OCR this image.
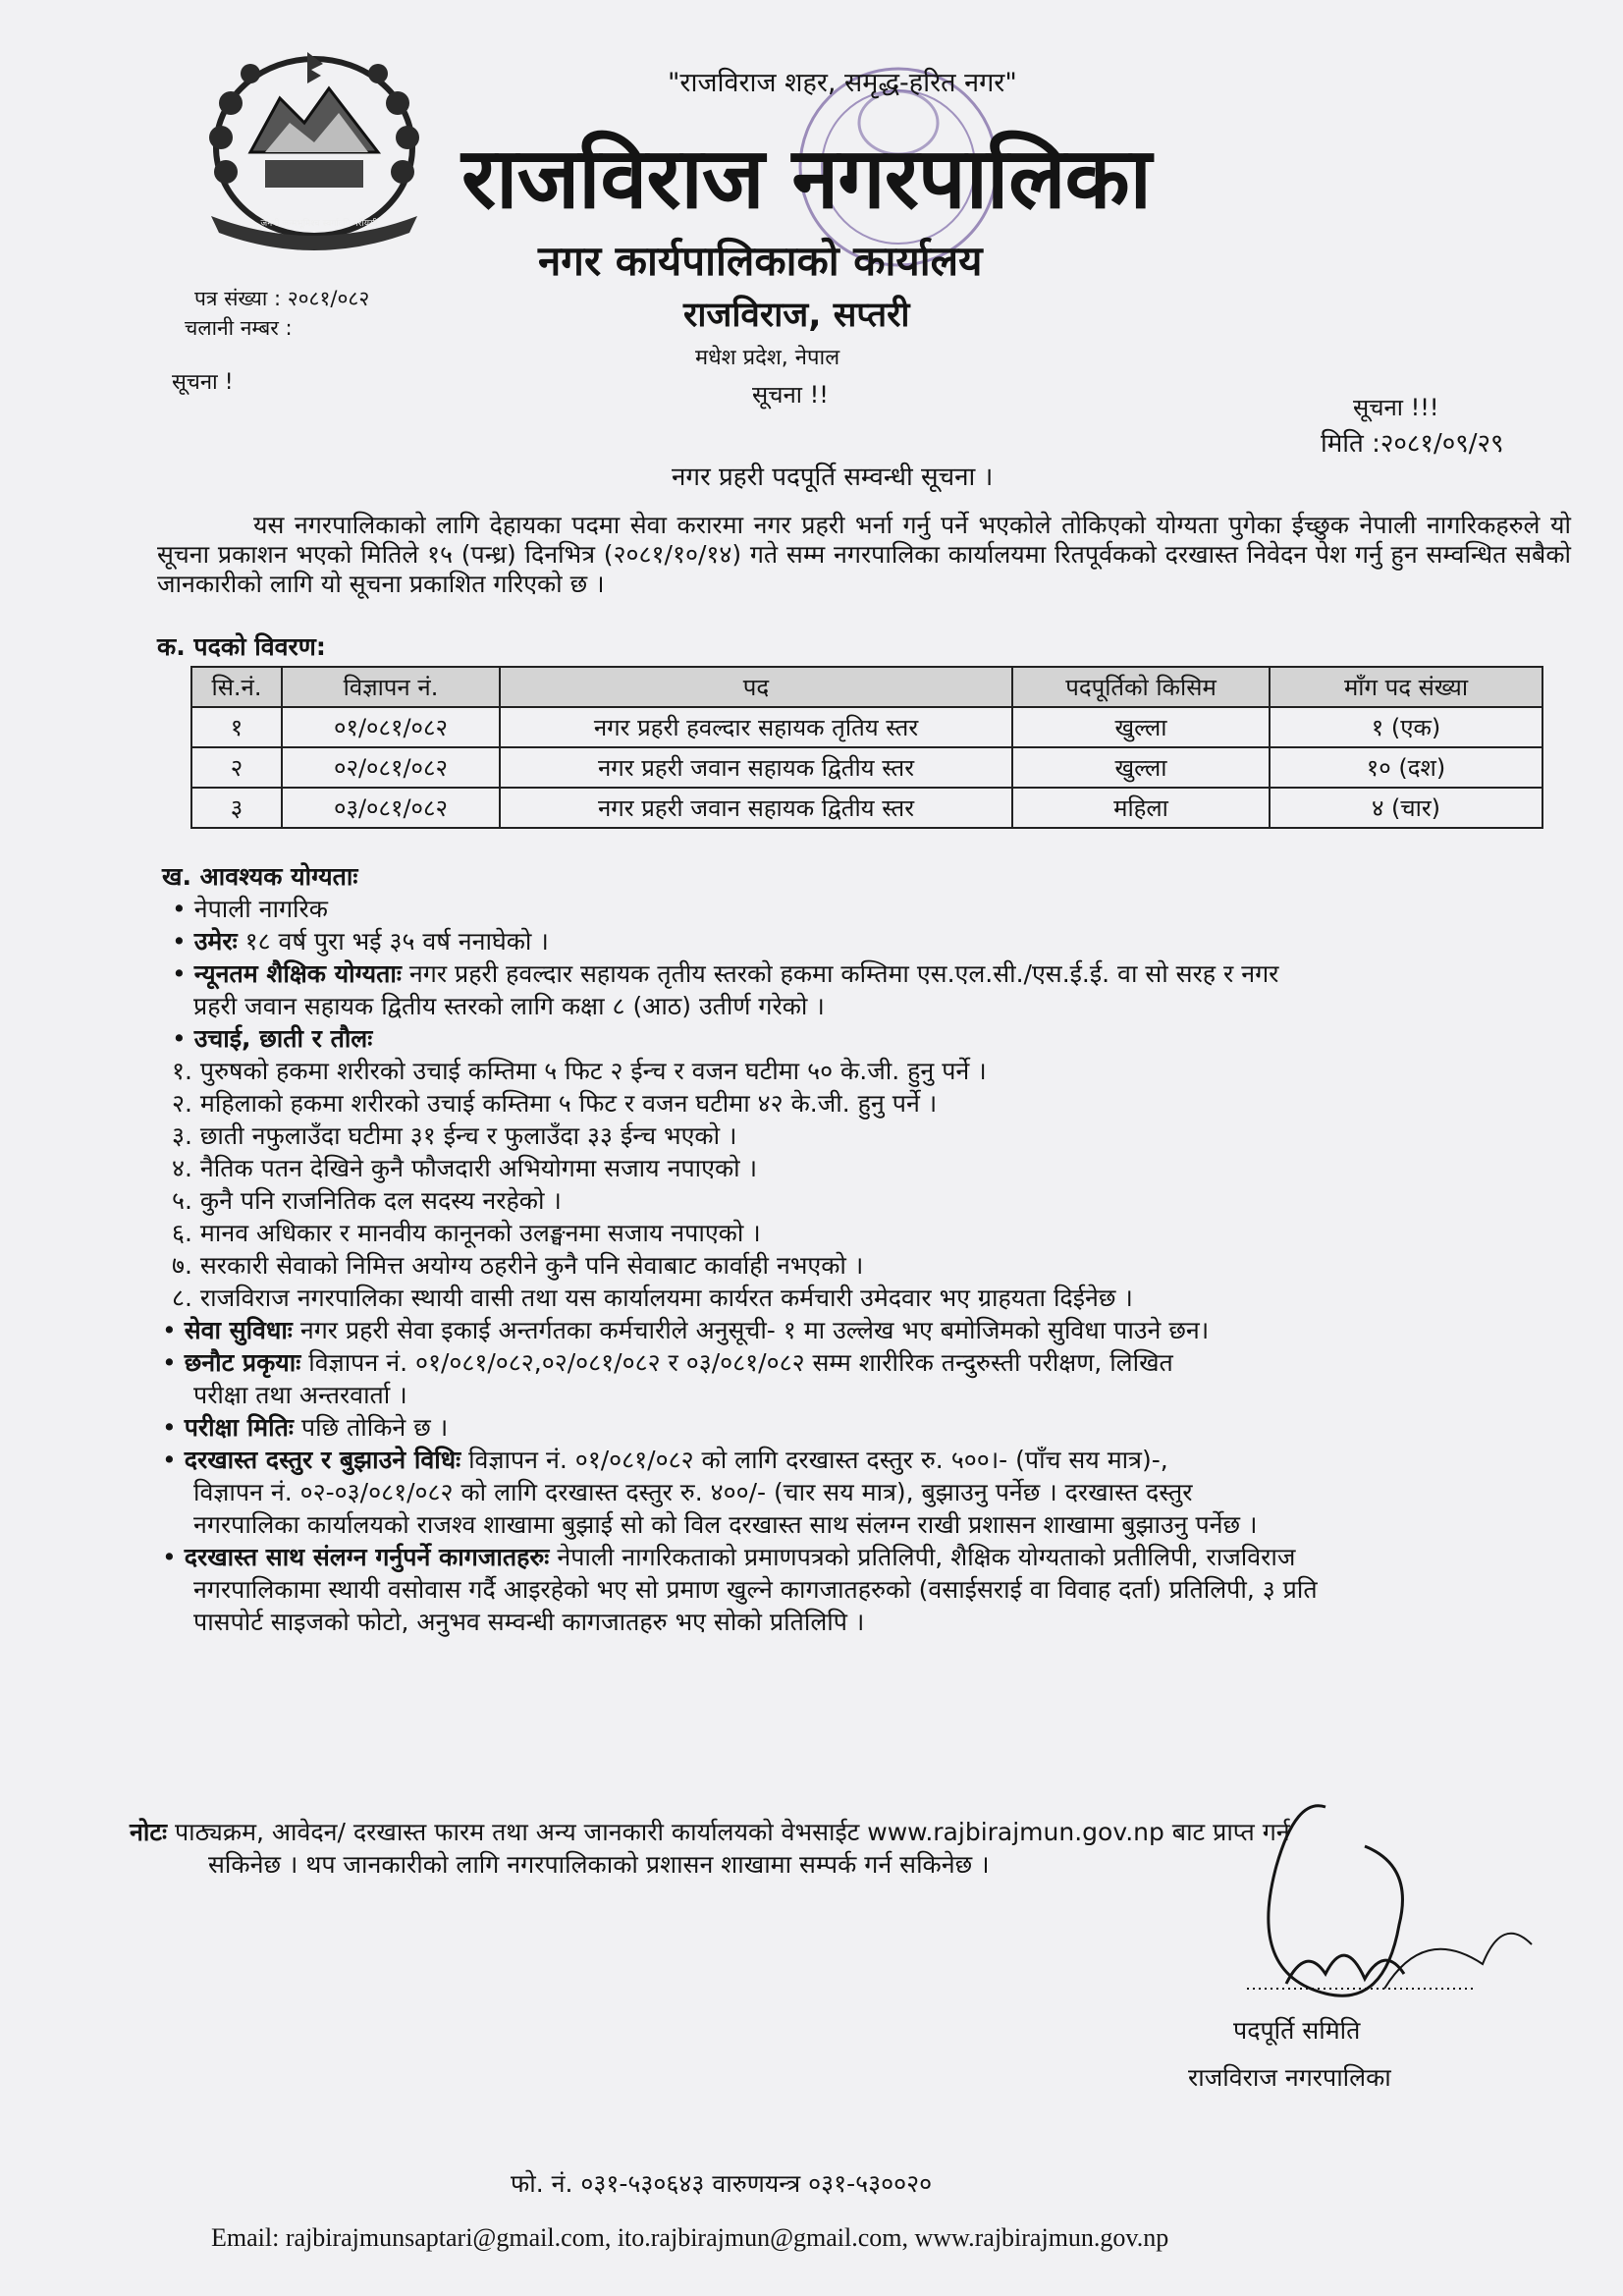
जननी जन्मभूमिश्च स्वर्गादपि गरीयसी
"राजविराज शहर, समृद्ध-हरित नगर"
राजविराज नगरपालिका
नगर कार्यपालिकाको कार्यालय
राजविराज, सप्तरी
मधेश प्रदेश, नेपाल
सूचना !!
पत्र संख्या : २०८१/०८२
चलानी नम्बर :
सूचना !
सूचना !!!
मिति :२०८१/०९/२९
नगर प्रहरी पदपूर्ति सम्वन्धी सूचना ।
यस नगरपालिकाको लागि देहायका पदमा सेवा करारमा नगर प्रहरी भर्ना गर्नु पर्ने भएकोले तोकिएको योग्यता पुगेका ईच्छुक नेपाली नागरिकहरुले यो सूचना प्रकाशन भएको मितिले १५ (पन्ध्र) दिनभित्र (२०८१/१०/१४) गते सम्म नगरपालिका कार्यालयमा रितपूर्वकको दरखास्त निवेदन पेश गर्नु हुन सम्वन्धित सबैको जानकारीको लागि यो सूचना प्रकाशित गरिएको छ ।
क. पदको विवरण:
सि.नं.	विज्ञापन नं.	पद	पदपूर्तिको किसिम	माँग पद संख्या
१	०१/०८१/०८२	नगर प्रहरी हवल्दार सहायक तृतिय स्तर	खुल्ला	१ (एक)
२	०२/०८१/०८२	नगर प्रहरी जवान सहायक द्वितीय स्तर	खुल्ला	१० (दश)
३	०३/०८१/०८२	नगर प्रहरी जवान सहायक द्वितीय स्तर	महिला	४ (चार)
ख. आवश्यक योग्यताः
• नेपाली नागरिक
• उमेरः १८ वर्ष पुरा भई ३५ वर्ष ननाघेको ।
• न्यूनतम शैक्षिक योग्यताः नगर प्रहरी हवल्दार सहायक तृतीय स्तरको हकमा कम्तिमा एस.एल.सी./एस.ई.ई. वा सो सरह र नगर
प्रहरी जवान सहायक द्वितीय स्तरको लागि कक्षा ८ (आठ) उतीर्ण गरेको ।
• उचाई, छाती र तौलः
१. पुरुषको हकमा शरीरको उचाई कम्तिमा ५ फिट २ ईन्च र वजन घटीमा ५० के.जी. हुनु पर्ने ।
२. महिलाको हकमा शरीरको उचाई कम्तिमा ५ फिट र वजन घटीमा ४२ के.जी. हुनु पर्ने ।
३. छाती नफुलाउँदा घटीमा ३१ ईन्च र फुलाउँदा ३३ ईन्च भएको ।
४. नैतिक पतन देखिने कुनै फौजदारी अभियोगमा सजाय नपाएको ।
५. कुनै पनि राजनितिक दल सदस्य नरहेको ।
६. मानव अधिकार र मानवीय कानूनको उलङ्घनमा सजाय नपाएको ।
७. सरकारी सेवाको निमित्त अयोग्य ठहरीने कुनै पनि सेवाबाट कार्वाही नभएको ।
८. राजविराज नगरपालिका स्थायी वासी तथा यस कार्यालयमा कार्यरत कर्मचारी उमेदवार भए ग्राहयता दिईनेछ ।
• सेवा सुविधाः नगर प्रहरी सेवा इकाई अन्तर्गतका कर्मचारीले अनुसूची- १ मा उल्लेख भए बमोजिमको सुविधा पाउने छन।
• छनौट प्रकृयाः विज्ञापन नं. ०१/०८१/०८२,०२/०८१/०८२ र ०३/०८१/०८२ सम्म शारीरिक तन्दुरुस्ती परीक्षण, लिखित
परीक्षा तथा अन्तरवार्ता ।
• परीक्षा मितिः पछि तोकिने छ ।
• दरखास्त दस्तुर र बुझाउने विधिः विज्ञापन नं. ०१/०८१/०८२ को लागि दरखास्त दस्तुर रु. ५००।- (पाँच सय मात्र)-,
विज्ञापन नं. ०२-०३/०८१/०८२ को लागि दरखास्त दस्तुर रु. ४००/- (चार सय मात्र), बुझाउनु पर्नेछ । दरखास्त दस्तुर
नगरपालिका कार्यालयको राजश्व शाखामा बुझाई सो को विल दरखास्त साथ संलग्न राखी प्रशासन शाखामा बुझाउनु पर्नेछ ।
• दरखास्त साथ संलग्न गर्नुपर्ने कागजातहरुः नेपाली नागरिकताको प्रमाणपत्रको प्रतिलिपी, शैक्षिक योग्यताको प्रतीलिपी, राजविराज
नगरपालिकामा स्थायी वसोवास गर्दै आइरहेको भए सो प्रमाण खुल्ने कागजातहरुको (वसाईसराई वा विवाह दर्ता) प्रतिलिपी, ३ प्रति
पासपोर्ट साइजको फोटो, अनुभव सम्वन्धी कागजातहरु भए सोको प्रतिलिपि ।
नोटः पाठ्यक्रम, आवेदन/ दरखास्त फारम तथा अन्य जानकारी कार्यालयको वेभसाईट www.rajbirajmun.gov.np बाट प्राप्त गर्न
सकिनेछ । थप जानकारीको लागि नगरपालिकाको प्रशासन शाखामा सम्पर्क गर्न सकिनेछ ।
पदपूर्ति समिति
राजविराज नगरपालिका
फो. नं. ०३१-५३०६४३ वारुणयन्त्र ०३१-५३००२०
Email: rajbirajmunsaptari@gmail.com, ito.rajbirajmun@gmail.com, www.rajbirajmun.gov.np
